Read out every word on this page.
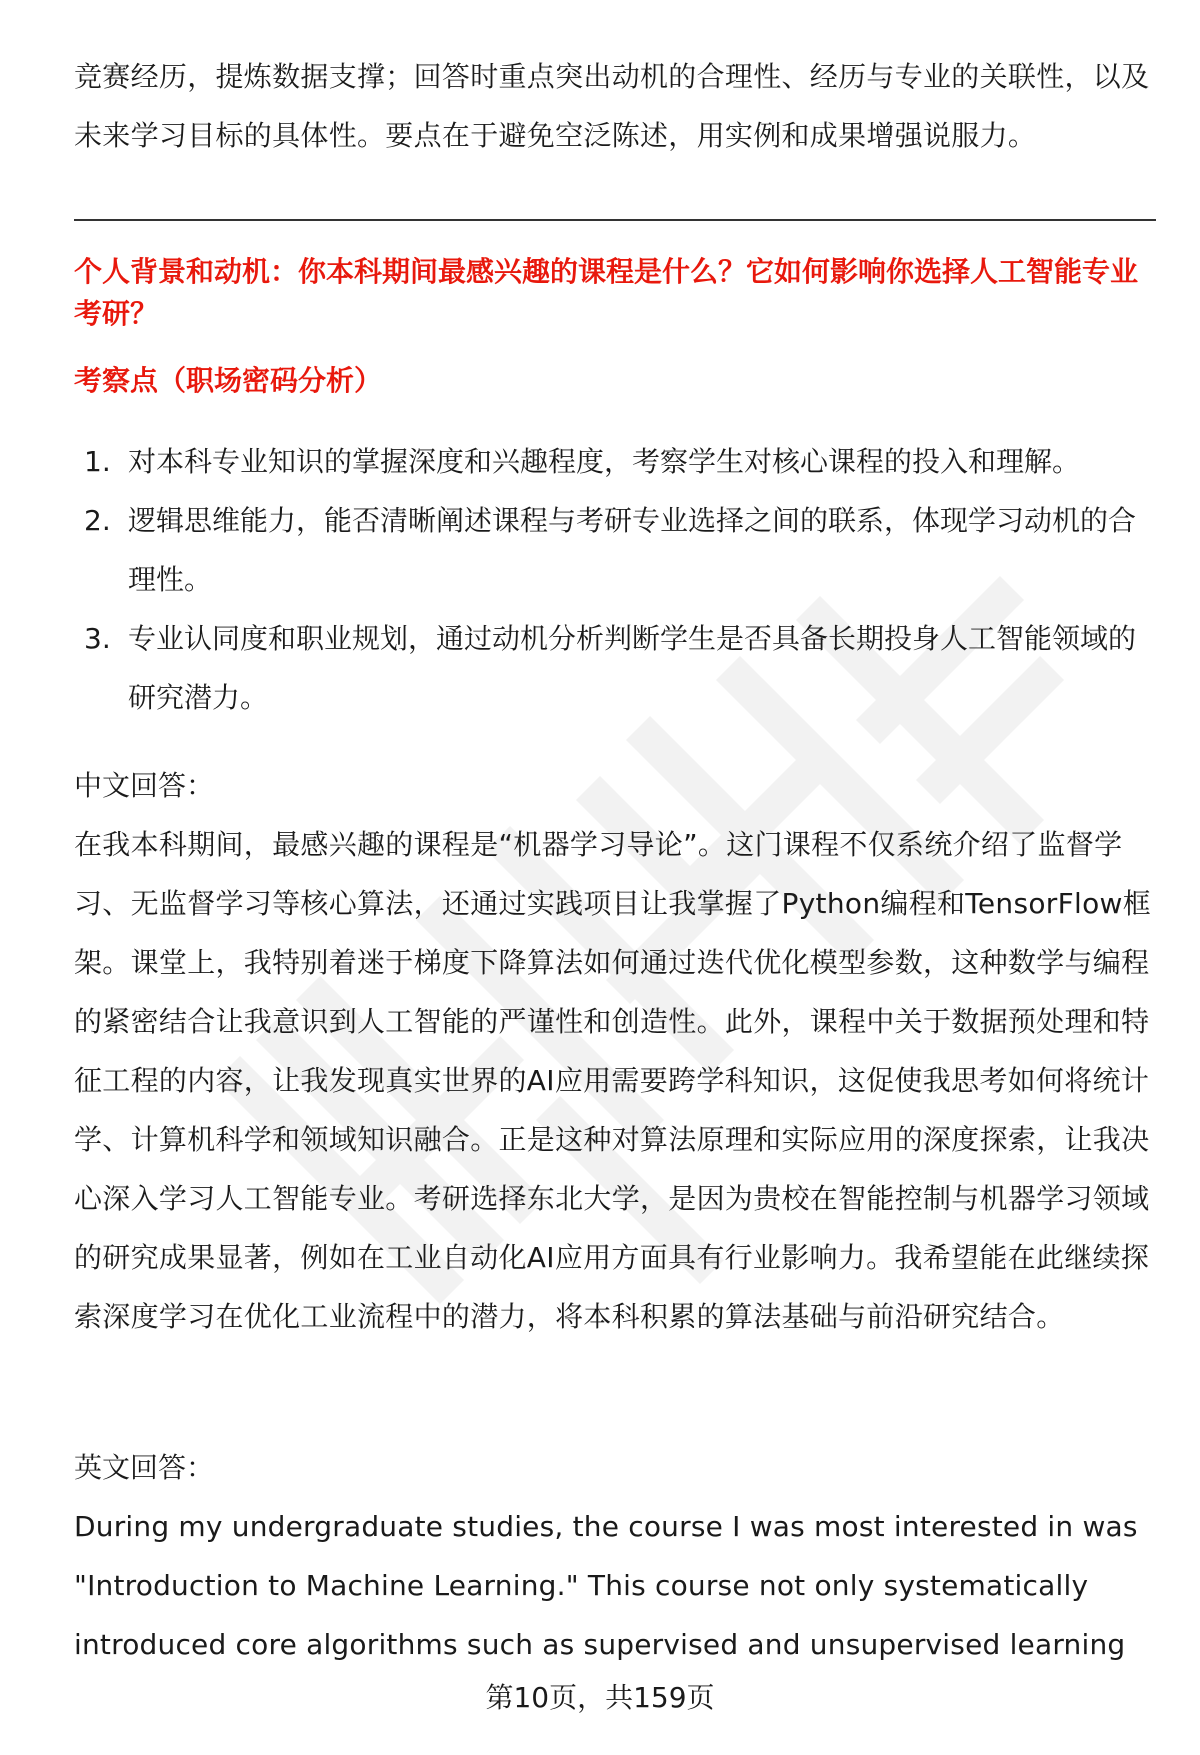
竞赛经历，提炼数据支撑；回答时重点突出动机的合理性、经历与专业的关联性，以及未来学习目标的具体性。要点在于避免空泛陈述，用实例和成果增强说服力。

个人背景和动机：你本科期间最感兴趣的课程是什么？它如何影响你选择人工智能专业考研？

考察点（职场密码分析）

1. 对本科专业知识的掌握深度和兴趣程度，考察学生对核心课程的投入和理解。
2. 逻辑思维能力，能否清晰阐述课程与考研专业选择之间的联系，体现学习动机的合理性。
3. 专业认同度和职业规划，通过动机分析判断学生是否具备长期投身人工智能领域的研究潜力。

中文回答：

在我本科期间，最感兴趣的课程是“机器学习导论”。这门课程不仅系统介绍了监督学习、无监督学习等核心算法，还通过实践项目让我掌握了Python编程和TensorFlow框架。课堂上，我特别着迷于梯度下降算法如何通过迭代优化模型参数，这种数学与编程的紧密结合让我意识到人工智能的严谨性和创造性。此外，课程中关于数据预处理和特征工程的内容，让我发现真实世界的AI应用需要跨学科知识，这促使我思考如何将统计学、计算机科学和领域知识融合。正是这种对算法原理和实际应用的深度探索，让我决心深入学习人工智能专业。考研选择东北大学，是因为贵校在智能控制与机器学习领域的研究成果显著，例如在工业自动化AI应用方面具有行业影响力。我希望能在此继续探索深度学习在优化工业流程中的潜力，将本科积累的算法基础与前沿研究结合。

英文回答：

During my undergraduate studies, the course I was most interested in was "Introduction to Machine Learning." This course not only systematically introduced core algorithms such as supervised and unsupervised learning

第10页，共159页
